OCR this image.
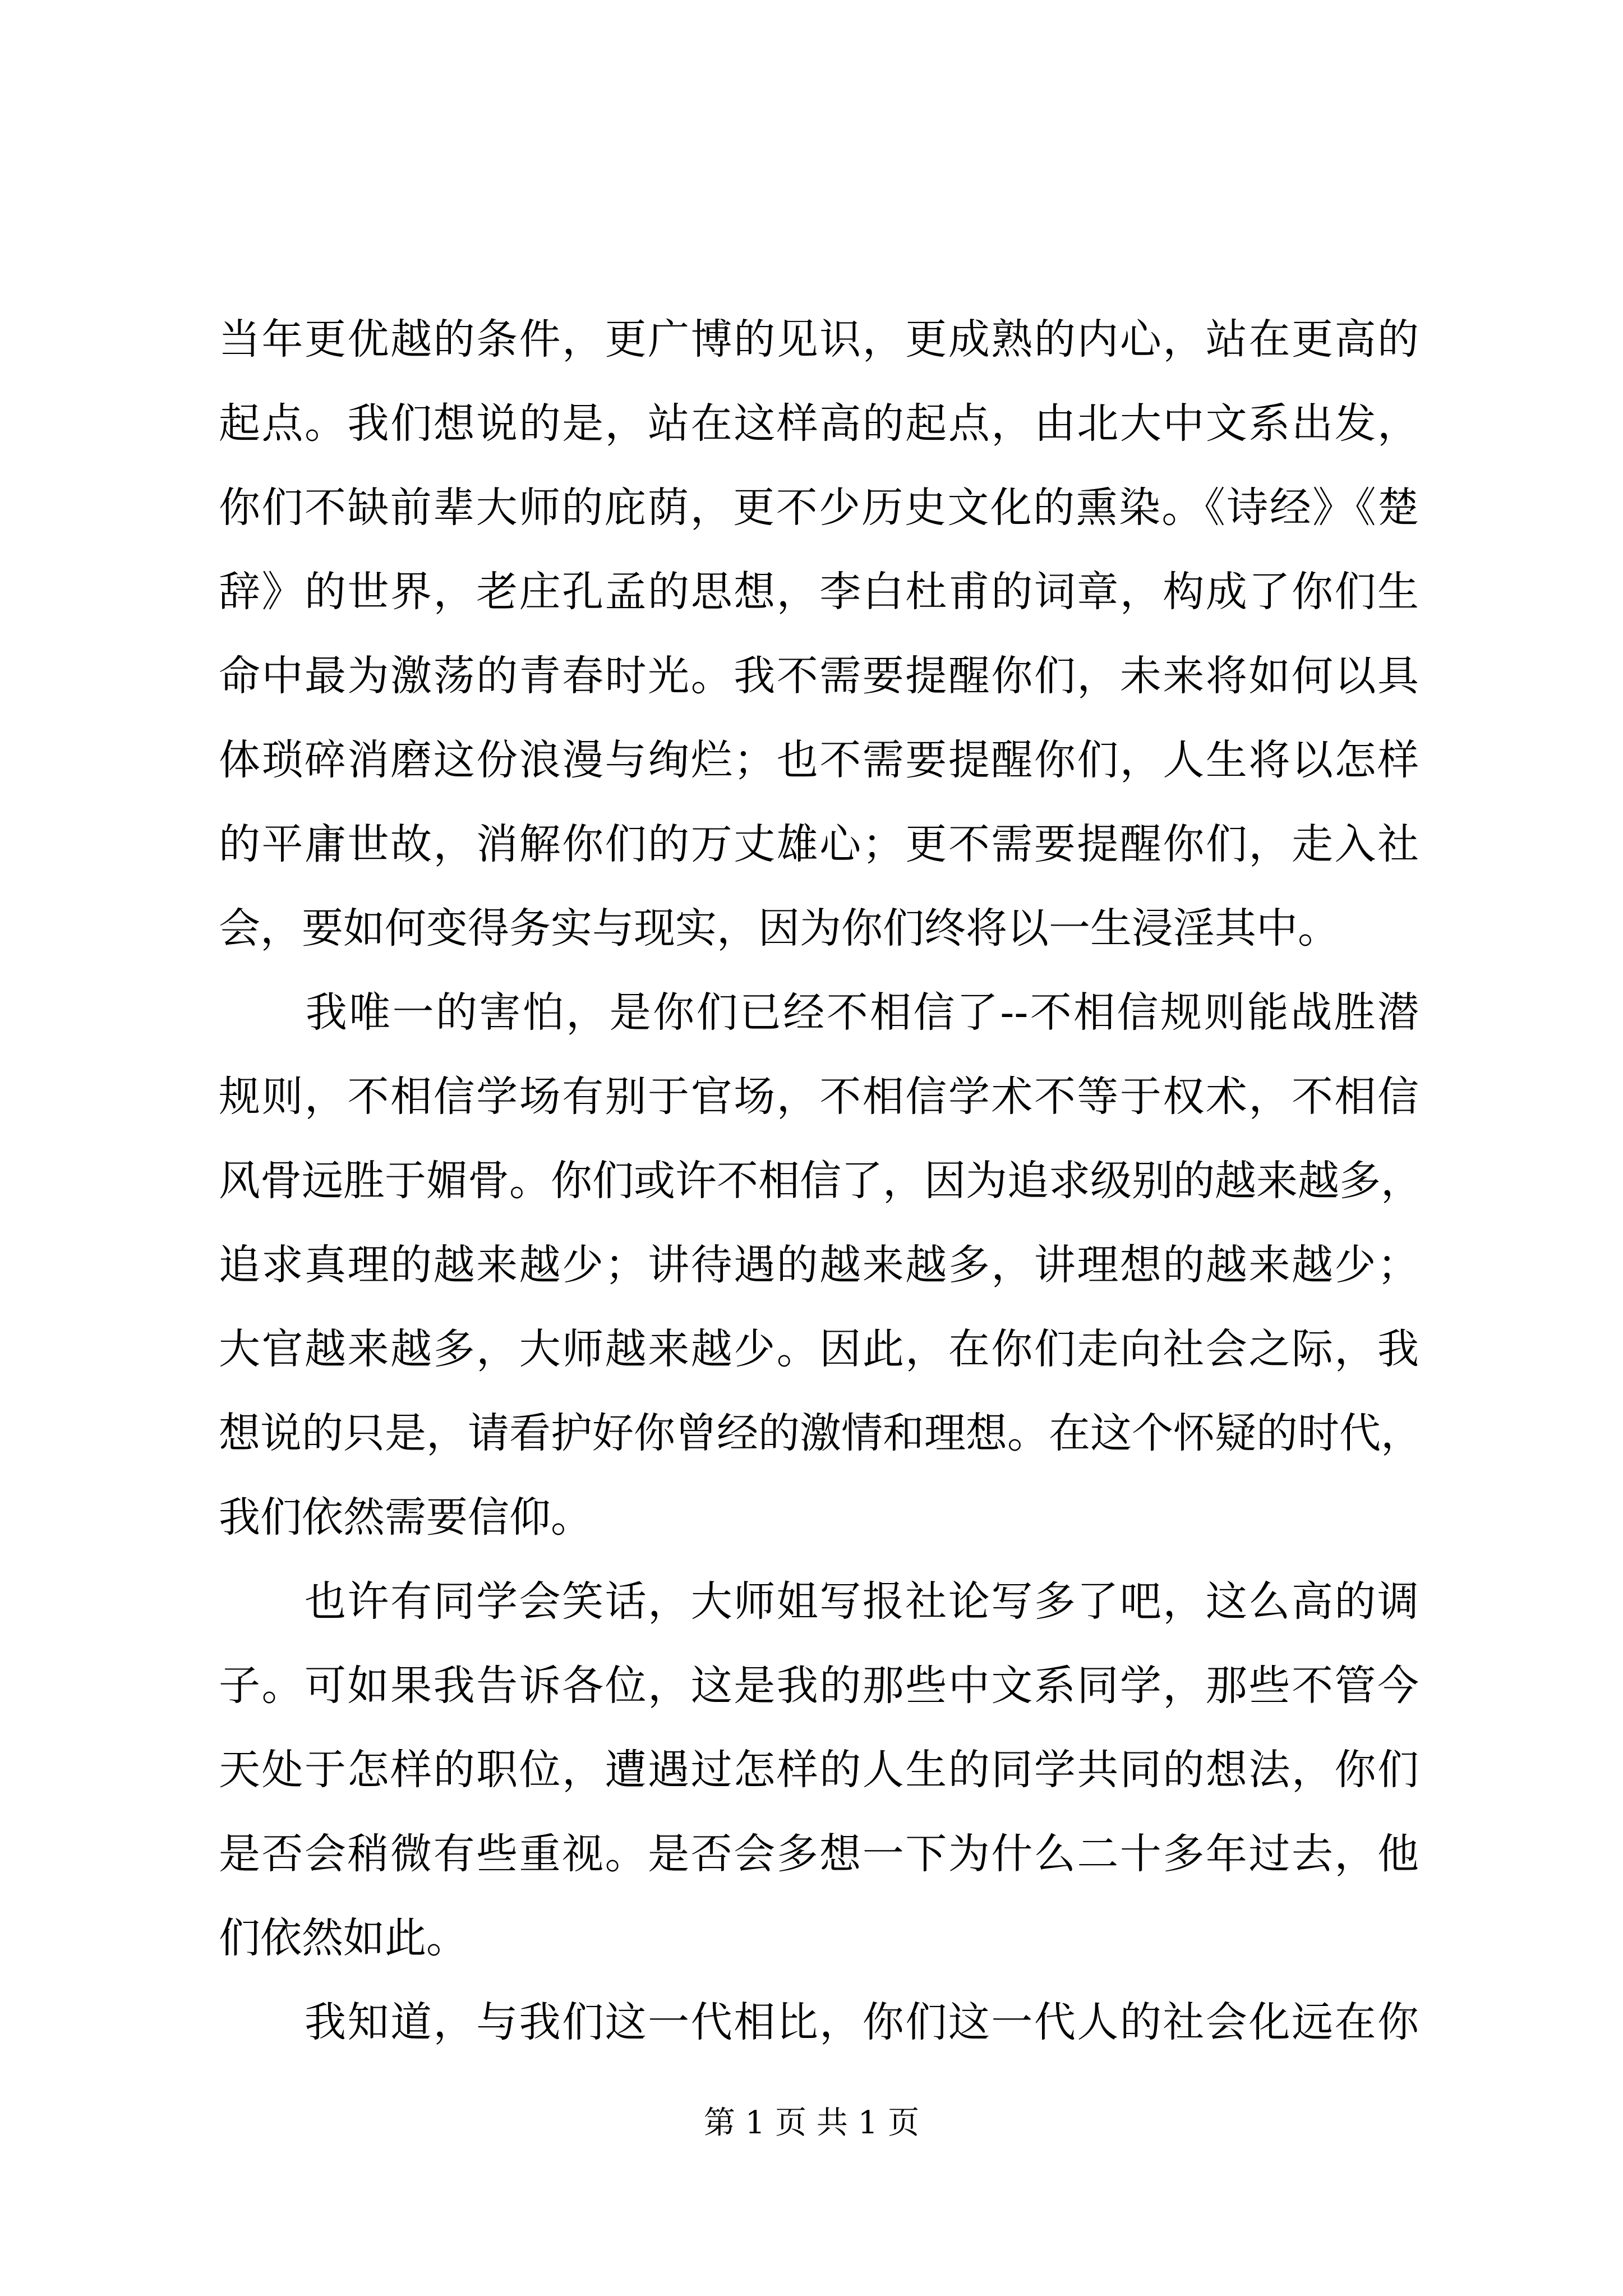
当年更优越的条件，更广博的见识，更成熟的内心，站在更高的
起点。我们想说的是，站在这样高的起点，由北大中文系出发，
你们不缺前辈大师的庇荫，更不少历史文化的熏染。《诗经》《楚
辞》的世界，老庄孔孟的思想，李白杜甫的词章，构成了你们生
命中最为激荡的青春时光。我不需要提醒你们，未来将如何以具
体琐碎消磨这份浪漫与绚烂；也不需要提醒你们，人生将以怎样
的平庸世故，消解你们的万丈雄心；更不需要提醒你们，走入社
会，要如何变得务实与现实，因为你们终将以一生浸淫其中。
　　我唯一的害怕，是你们已经不相信了--不相信规则能战胜潜
规则，不相信学场有别于官场，不相信学术不等于权术，不相信
风骨远胜于媚骨。你们或许不相信了，因为追求级别的越来越多，
追求真理的越来越少；讲待遇的越来越多，讲理想的越来越少；
大官越来越多，大师越来越少。因此，在你们走向社会之际，我
想说的只是，请看护好你曾经的激情和理想。在这个怀疑的时代，
我们依然需要信仰。
　　也许有同学会笑话，大师姐写报社论写多了吧，这么高的调
子。可如果我告诉各位，这是我的那些中文系同学，那些不管今
天处于怎样的职位，遭遇过怎样的人生的同学共同的想法，你们
是否会稍微有些重视。是否会多想一下为什么二十多年过去，他
们依然如此。
　　我知道，与我们这一代相比，你们这一代人的社会化远在你
第 1 页 共 1 页
